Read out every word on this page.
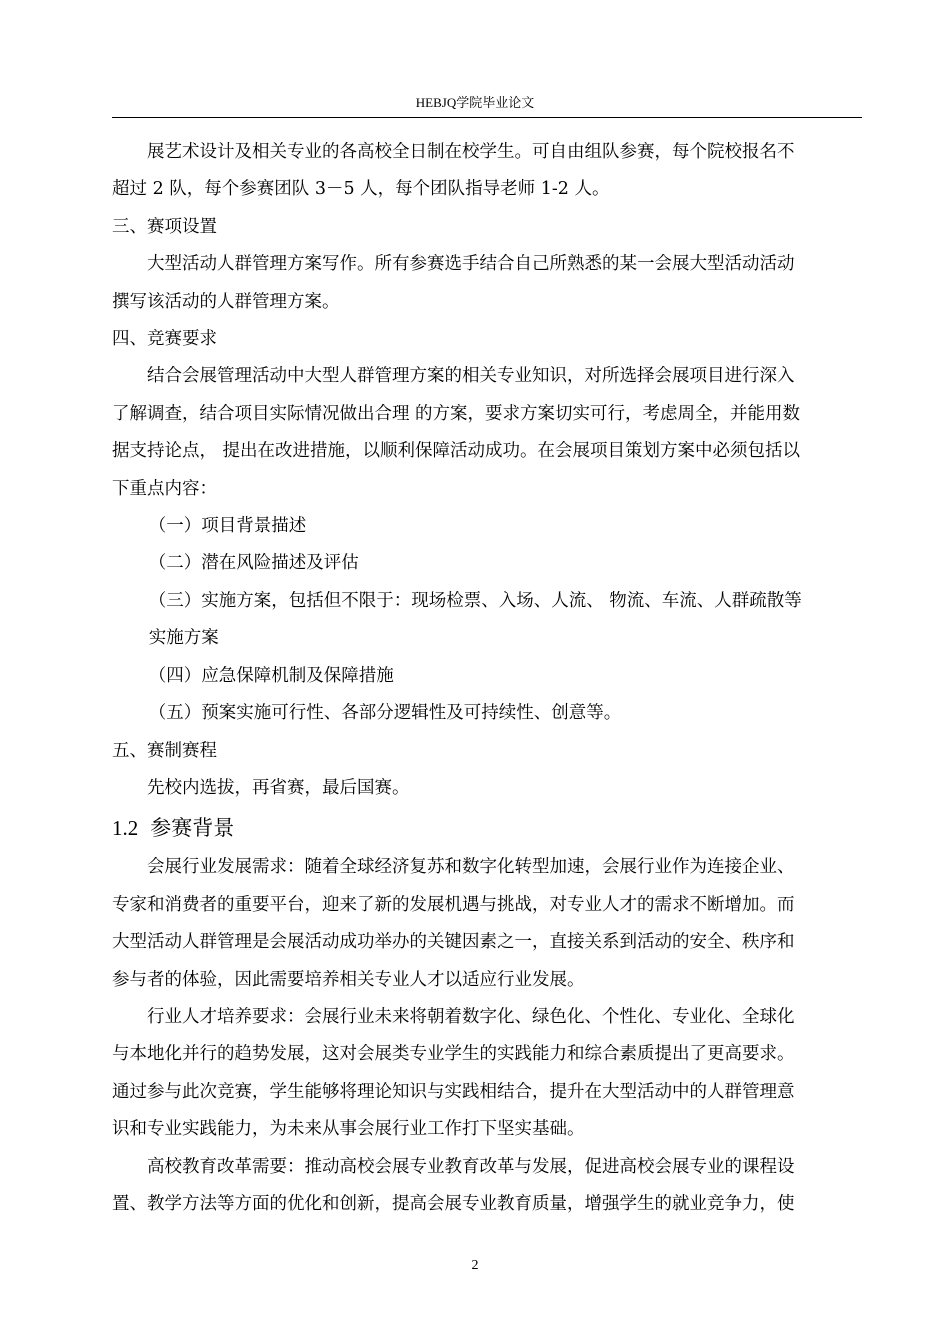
HEBJQ学院毕业论文

展艺术设计及相关专业的各高校全日制在校学生。可自由组队参赛，每个院校报名不

超过 2 队，每个参赛团队 3－5 人，每个团队指导老师 1-2 人。

三、赛项设置

大型活动人群管理方案写作。所有参赛选手结合自己所熟悉的某一会展大型活动活动

撰写该活动的人群管理方案。

四、竞赛要求

结合会展管理活动中大型人群管理方案的相关专业知识，对所选择会展项目进行深入

了解调查，结合项目实际情况做出合理 的方案，要求方案切实可行，考虑周全，并能用数

据支持论点， 提出在改进措施，以顺利保障活动成功。在会展项目策划方案中必须包括以

下重点内容：

（一）项目背景描述

（二）潜在风险描述及评估

（三）实施方案，包括但不限于：现场检票、入场、人流、 物流、车流、人群疏散等

实施方案

（四）应急保障机制及保障措施

（五）预案实施可行性、各部分逻辑性及可持续性、创意等。

五、赛制赛程

先校内选拔，再省赛，最后国赛。

1.2 参赛背景

会展行业发展需求：随着全球经济复苏和数字化转型加速，会展行业作为连接企业、

专家和消费者的重要平台，迎来了新的发展机遇与挑战，对专业人才的需求不断增加。而

大型活动人群管理是会展活动成功举办的关键因素之一，直接关系到活动的安全、秩序和

参与者的体验，因此需要培养相关专业人才以适应行业发展。

行业人才培养要求：会展行业未来将朝着数字化、绿色化、个性化、专业化、全球化

与本地化并行的趋势发展，这对会展类专业学生的实践能力和综合素质提出了更高要求。

通过参与此次竞赛，学生能够将理论知识与实践相结合，提升在大型活动中的人群管理意

识和专业实践能力，为未来从事会展行业工作打下坚实基础。

高校教育改革需要：推动高校会展专业教育改革与发展，促进高校会展专业的课程设

置、教学方法等方面的优化和创新，提高会展专业教育质量，增强学生的就业竞争力，使

2
